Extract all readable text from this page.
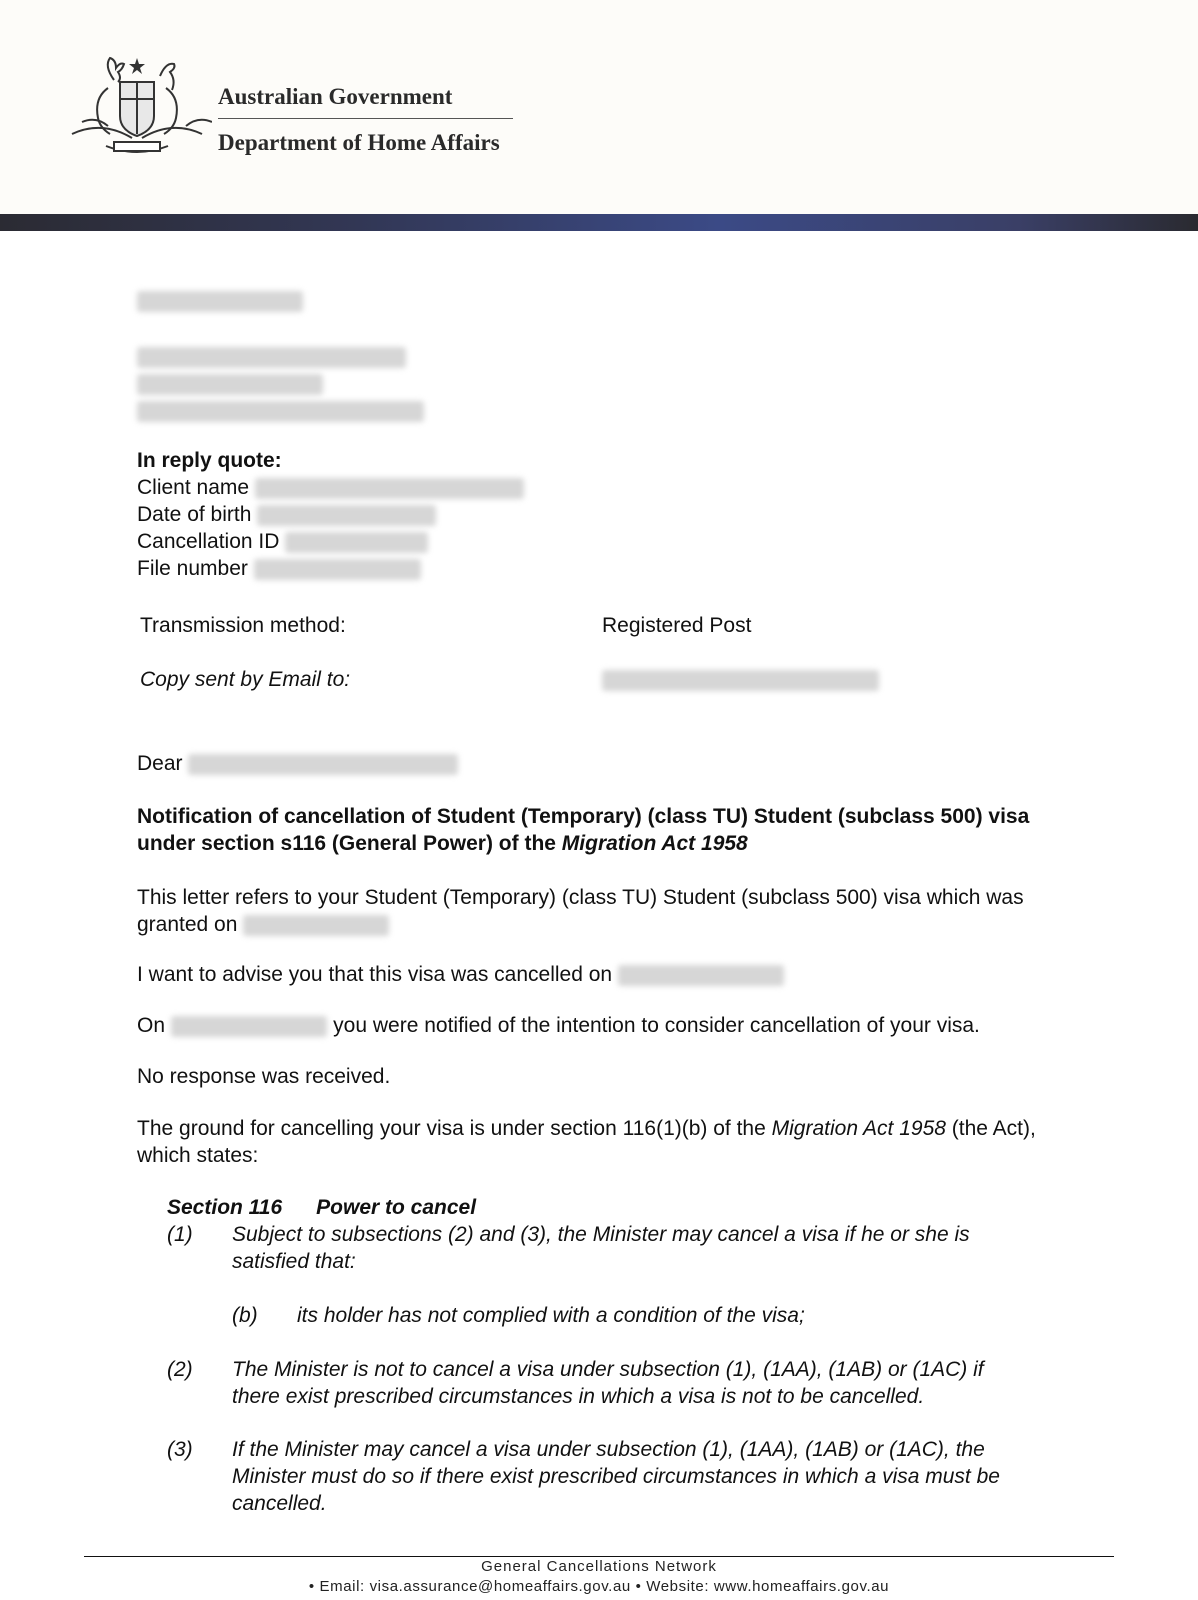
Australian Government
Department of Home Affairs
In reply quote:
Client name
Date of birth
Cancellation ID
File number
Transmission method:	Registered Post
Copy sent by Email to:
Dear
Notification of cancellation of Student (Temporary) (class TU) Student (subclass 500) visa under section s116 (General Power) of the Migration Act 1958
This letter refers to your Student (Temporary) (class TU) Student (subclass 500) visa which was granted on
I want to advise you that this visa was cancelled on
On	you were notified of the intention to consider cancellation of your visa.
No response was received.
The ground for cancelling your visa is under section 116(1)(b) of the Migration Act 1958 (the Act), which states:
Section 116 Power to cancel
(1) Subject to subsections (2) and (3), the Minister may cancel a visa if he or she is satisfied that:
(b) its holder has not complied with a condition of the visa;
(2) The Minister is not to cancel a visa under subsection (1), (1AA), (1AB) or (1AC) if there exist prescribed circumstances in which a visa is not to be cancelled.
(3) If the Minister may cancel a visa under subsection (1), (1AA), (1AB) or (1AC), the Minister must do so if there exist prescribed circumstances in which a visa must be cancelled.
General Cancellations Network
• Email: visa.assurance@homeaffairs.gov.au • Website: www.homeaffairs.gov.au
